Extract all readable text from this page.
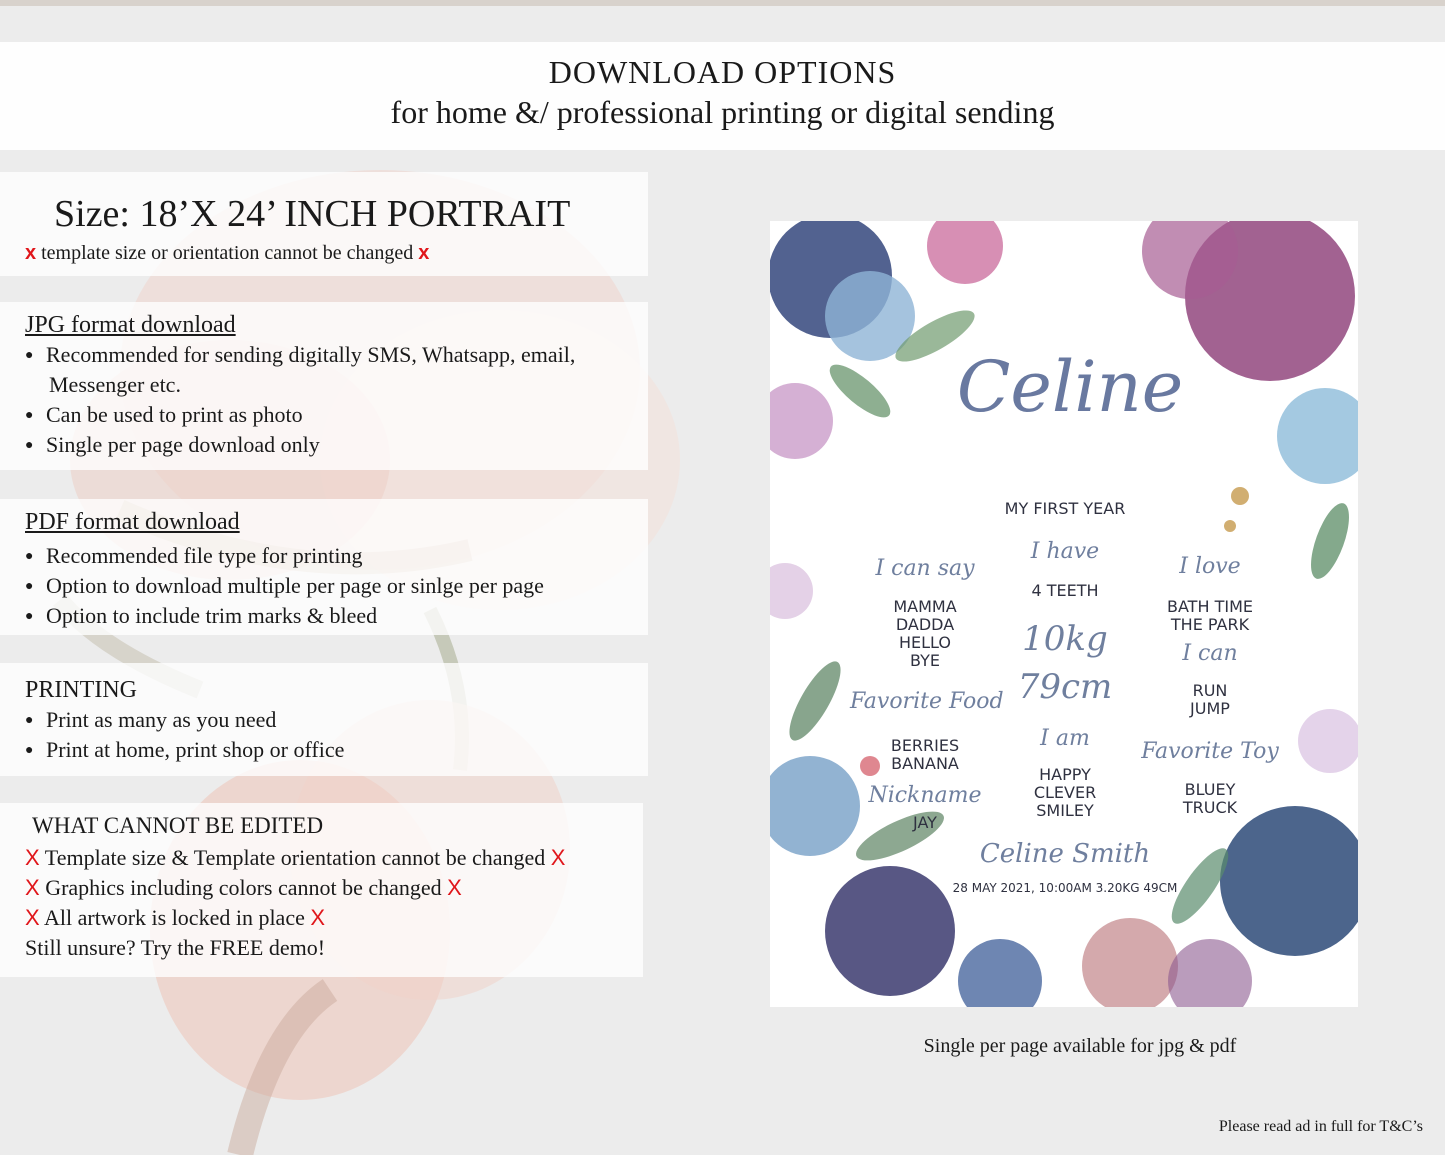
DOWNLOAD OPTIONS
for home &/ professional printing or digital sending
Size: 18’X 24’ INCH PORTRAIT
x template size or orientation cannot be changed x
JPG format download
● Recommended for sending digitally SMS, Whatsapp, email,
Messenger etc.
● Can be used to print as photo
● Single per page download only
PDF format download
● Recommended file type for printing
● Option to download multiple per page or sinlge per page
● Option to include trim marks & bleed
PRINTING
● Print as many as you need
● Print at home, print shop or office
WHAT CANNOT BE EDITED
X Template size & Template orientation cannot be changed X
X Graphics including colors cannot be changed X
X All artwork is locked in place X
Still unsure? Try the FREE demo!
Celine
MY FIRST YEAR
I can say
MAMMA
DADDA
HELLO
BYE
I have
4 TEETH
I love
BATH TIME
THE PARK
10kg
79cm
I can
RUN
JUMP
Favorite Food
BERRIES
BANANA
I am
HAPPY
CLEVER
SMILEY
Favorite Toy
BLUEY
TRUCK
Nickname
JAY
Celine Smith
28 MAY 2021, 10:00AM 3.20KG 49CM
Single per page available for jpg & pdf
Please read ad in full for T&C’s
